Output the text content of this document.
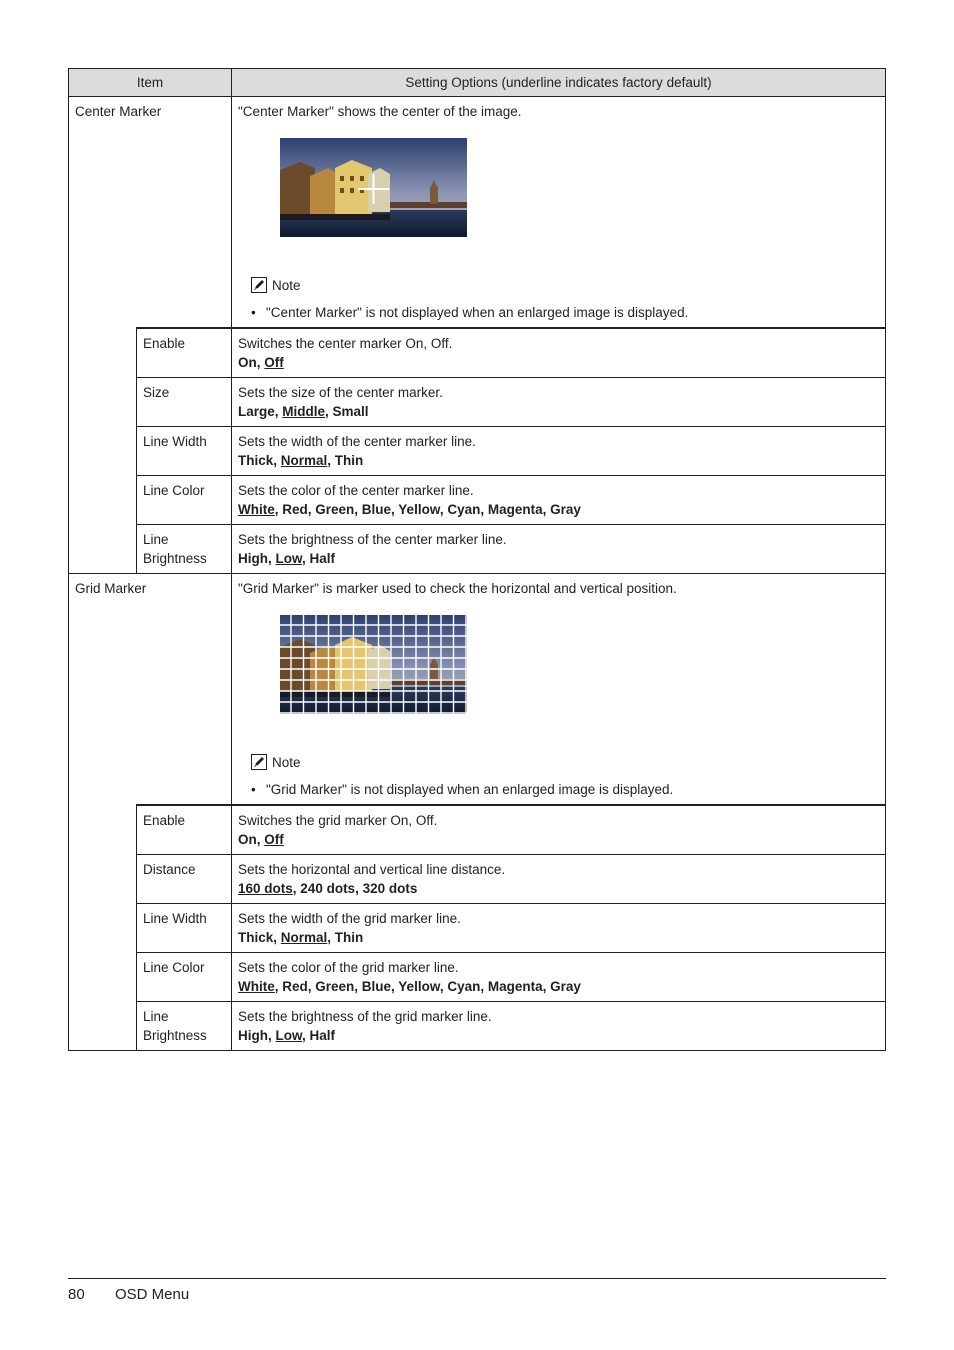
Item		Setting Options (underline indicates factory default)
Center Marker		"Center Marker" shows the center of the image.
Note
• "Center Marker" is not displayed when an enlarged image is displayed.

	Enable	Switches the center marker On, Off.
On, Off

	Size	Sets the size of the center marker.
Large, Middle, Small

	Line Width	Sets the width of the center marker line.
Thick, Normal, Thin

	Line Color	Sets the color of the center marker line.
White, Red, Green, Blue, Yellow, Cyan, Magenta, Gray

	Line Brightness	Sets the brightness of the center marker line.
High, Low, Half

Grid Marker		"Grid Marker" is marker used to check the horizontal and vertical position.
Note
• "Grid Marker" is not displayed when an enlarged image is displayed.

	Enable	Switches the grid marker On, Off.
On, Off

	Distance	Sets the horizontal and vertical line distance.
160 dots, 240 dots, 320 dots

	Line Width	Sets the width of the grid marker line.
Thick, Normal, Thin

	Line Color	Sets the color of the grid marker line.
White, Red, Green, Blue, Yellow, Cyan, Magenta, Gray

	Line Brightness	Sets the brightness of the grid marker line.
High, Low, Half
80	OSD Menu
